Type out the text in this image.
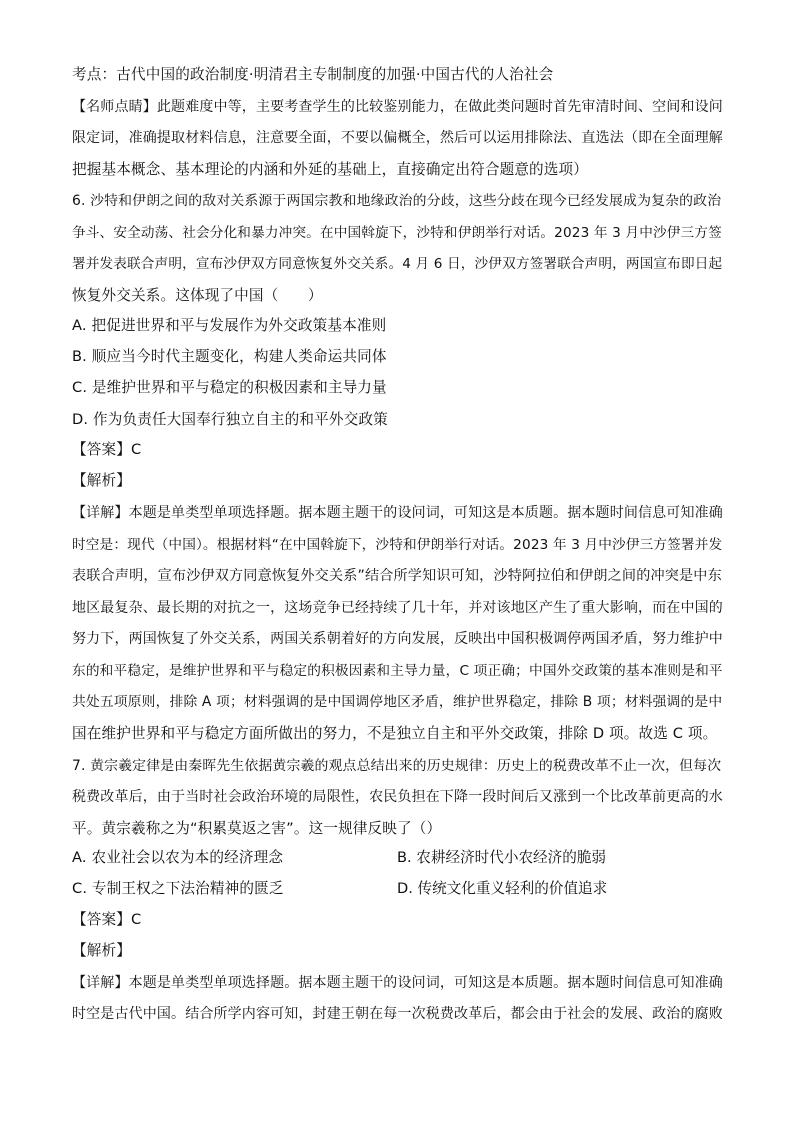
考点：古代中国的政治制度·明清君主专制制度的加强·中国古代的人治社会
【名师点睛】此题难度中等，主要考查学生的比较鉴别能力，在做此类问题时首先审清时间、空间和设问
限定词，准确提取材料信息，注意要全面，不要以偏概全，然后可以运用排除法、直选法（即在全面理解
把握基本概念、基本理论的内涵和外延的基础上，直接确定出符合题意的选项）
6. 沙特和伊朗之间的敌对关系源于两国宗教和地缘政治的分歧，这些分歧在现今已经发展成为复杂的政治
争斗、安全动荡、社会分化和暴力冲突。在中国斡旋下，沙特和伊朗举行对话。2023 年 3 月中沙伊三方签
署并发表联合声明，宣布沙伊双方同意恢复外交关系。4 月 6 日，沙伊双方签署联合声明，两国宣布即日起
恢复外交关系。这体现了中国（　　）
A. 把促进世界和平与发展作为外交政策基本准则
B. 顺应当今时代主题变化，构建人类命运共同体
C. 是维护世界和平与稳定的积极因素和主导力量
D. 作为负责任大国奉行独立自主的和平外交政策
【答案】C
【解析】
【详解】本题是单类型单项选择题。据本题主题干的设问词，可知这是本质题。据本题时间信息可知准确
时空是：现代（中国）。根据材料“在中国斡旋下，沙特和伊朗举行对话。2023 年 3 月中沙伊三方签署并发
表联合声明，宣布沙伊双方同意恢复外交关系”结合所学知识可知，沙特阿拉伯和伊朗之间的冲突是中东
地区最复杂、最长期的对抗之一，这场竞争已经持续了几十年，并对该地区产生了重大影响，而在中国的
努力下，两国恢复了外交关系，两国关系朝着好的方向发展，反映出中国积极调停两国矛盾，努力维护中
东的和平稳定，是维护世界和平与稳定的积极因素和主导力量，C 项正确；中国外交政策的基本准则是和平
共处五项原则，排除 A 项；材料强调的是中国调停地区矛盾，维护世界稳定，排除 B 项；材料强调的是中
国在维护世界和平与稳定方面所做出的努力，不是独立自主和平外交政策，排除 D 项。故选 C 项。
7. 黄宗羲定律是由秦晖先生依据黄宗羲的观点总结出来的历史规律：历史上的税费改革不止一次，但每次
税费改革后，由于当时社会政治环境的局限性，农民负担在下降一段时间后又涨到一个比改革前更高的水
平。黄宗羲称之为“积累莫返之害”。这一规律反映了（）
A. 农业社会以农为本的经济理念	B. 农耕经济时代小农经济的脆弱
C. 专制王权之下法治精神的匮乏	D. 传统文化重义轻利的价值追求
【答案】C
【解析】
【详解】本题是单类型单项选择题。据本题主题干的设问词，可知这是本质题。据本题时间信息可知准确
时空是古代中国。结合所学内容可知，封建王朝在每一次税费改革后，都会由于社会的发展、政治的腐败
